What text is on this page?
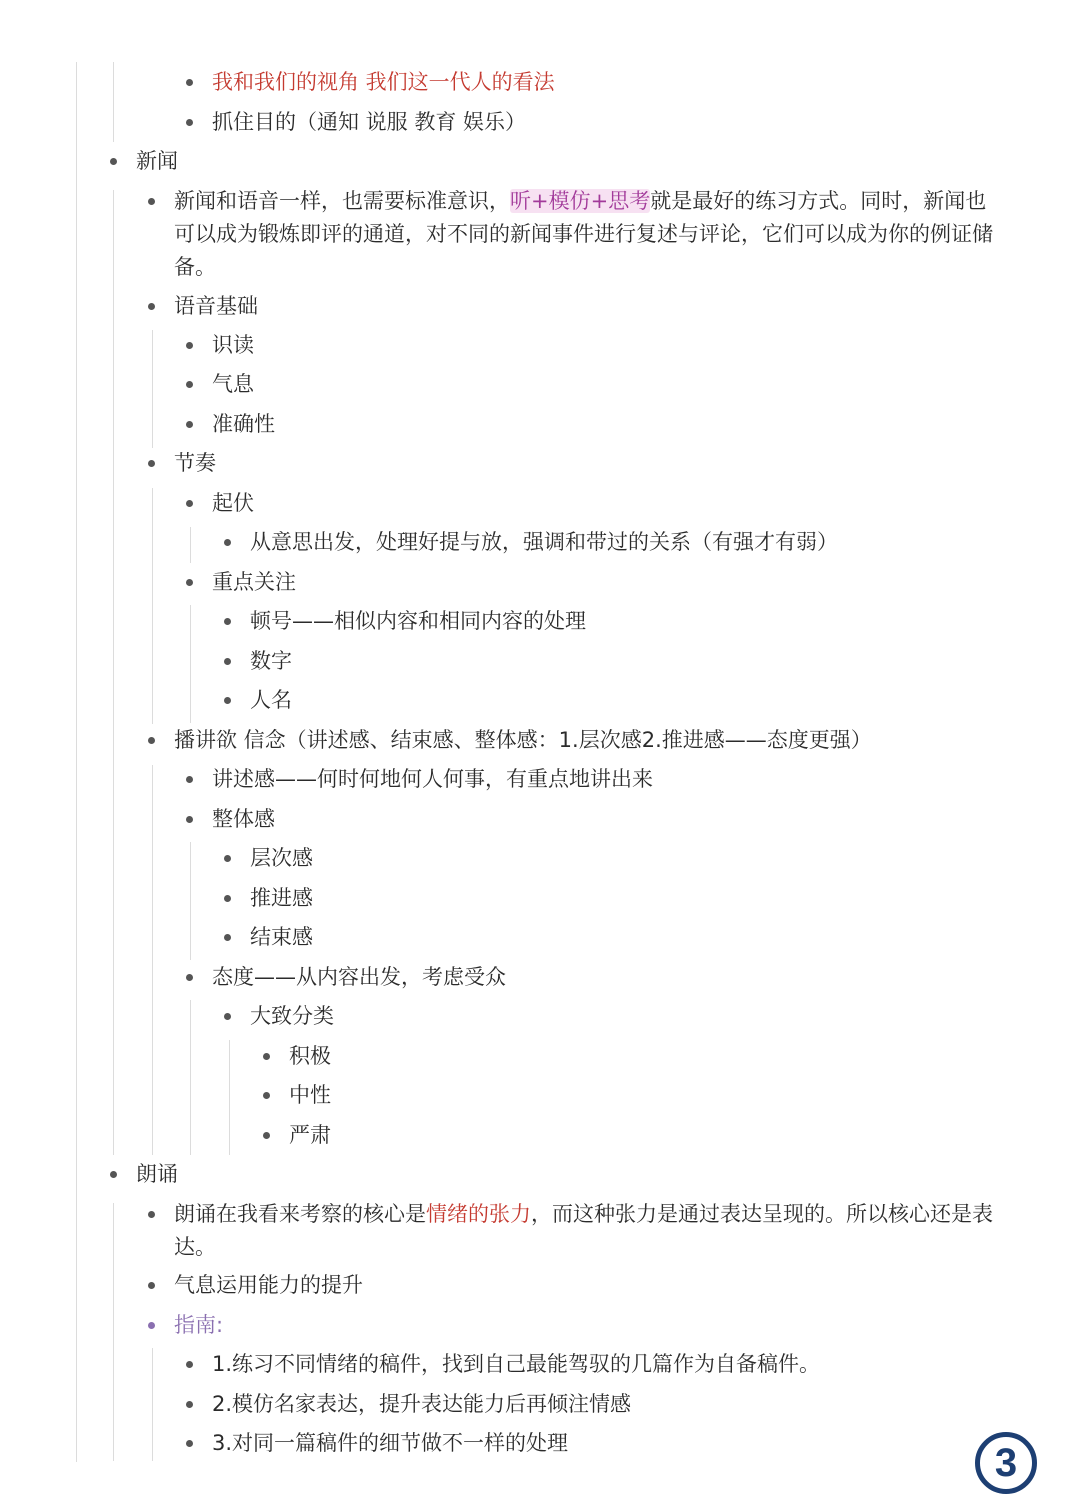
我和我们的视角 我们这一代人的看法
抓住目的（通知 说服 教育 娱乐）
新闻
新闻和语音一样，也需要标准意识，听+模仿+思考就是最好的练习方式。同时，新闻也可以成为锻炼即评的通道，对不同的新闻事件进行复述与评论，它们可以成为你的例证储备。
语音基础
识读
气息
准确性
节奏
起伏
从意思出发，处理好提与放，强调和带过的关系（有强才有弱）
重点关注
顿号——相似内容和相同内容的处理
数字
人名
播讲欲 信念（讲述感、结束感、整体感：1.层次感2.推进感——态度更强）
讲述感——何时何地何人何事，有重点地讲出来
整体感
层次感
推进感
结束感
态度——从内容出发，考虑受众
大致分类
积极
中性
严肃
朗诵
朗诵在我看来考察的核心是情绪的张力，而这种张力是通过表达呈现的。所以核心还是表达。
气息运用能力的提升
指南:
1.练习不同情绪的稿件，找到自己最能驾驭的几篇作为自备稿件。
2.模仿名家表达，提升表达能力后再倾注情感
3.对同一篇稿件的细节做不一样的处理	3
